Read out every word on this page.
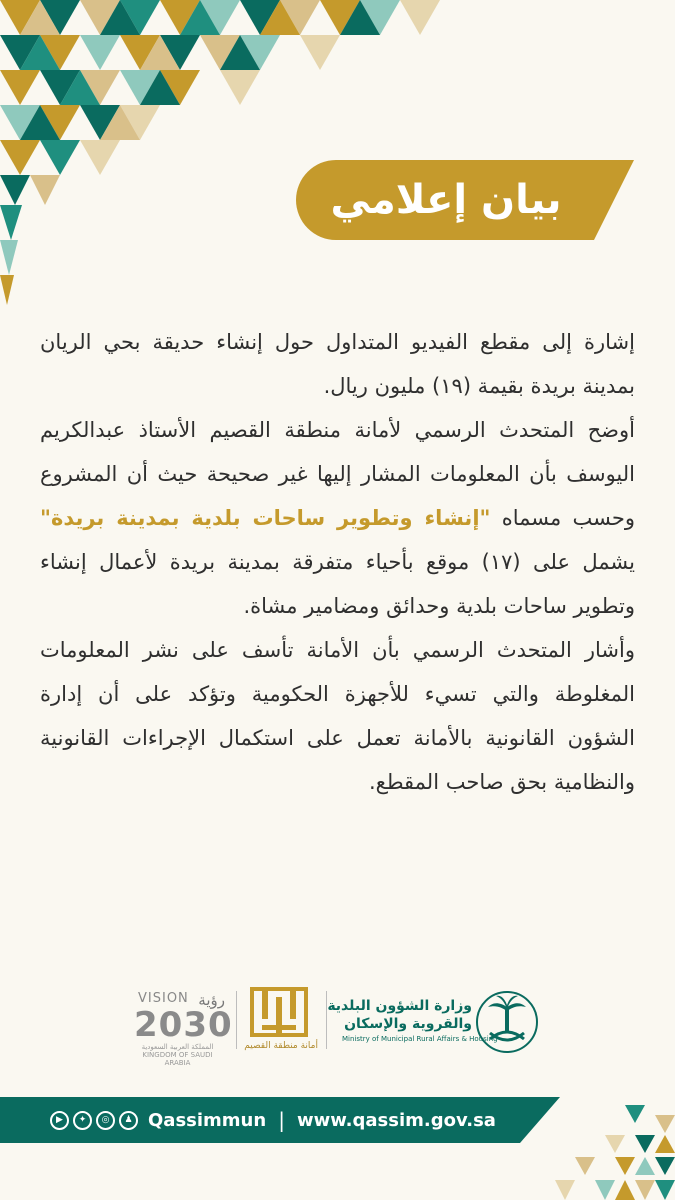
بيان إعلامي

إشارة إلى مقطع الفيديو المتداول حول إنشاء حديقة بحي الريان بمدينة بريدة بقيمة (١٩) مليون ريال.

أوضح المتحدث الرسمي لأمانة منطقة القصيم الأستاذ عبدالكريم اليوسف بأن المعلومات المشار إليها غير صحيحة حيث أن المشروع وحسب مسماه "إنشاء وتطوير ساحات بلدية بمدينة بريدة" يشمل على (١٧) موقع بأحياء متفرقة بمدينة بريدة لأعمال إنشاء وتطوير ساحات بلدية وحدائق ومضامير مشاة.

وأشار المتحدث الرسمي بأن الأمانة تأسف على نشر المعلومات المغلوطة والتي تسيء للأجهزة الحكومية وتؤكد على أن إدارة الشؤون القانونية بالأمانة تعمل على استكمال الإجراءات القانونية والنظامية بحق صاحب المقطع.

VISION رؤية
2030
المملكة العربية السعودية
KINGDOM OF SAUDI ARABIA
أمانة منطقة القصيم
وزارة الشؤون البلدية
والقروية والإسكان
Ministry of Municipal Rural Affairs & Housing
▶	✦	◎	♟ Qassimmun | www.qassim.gov.sa
